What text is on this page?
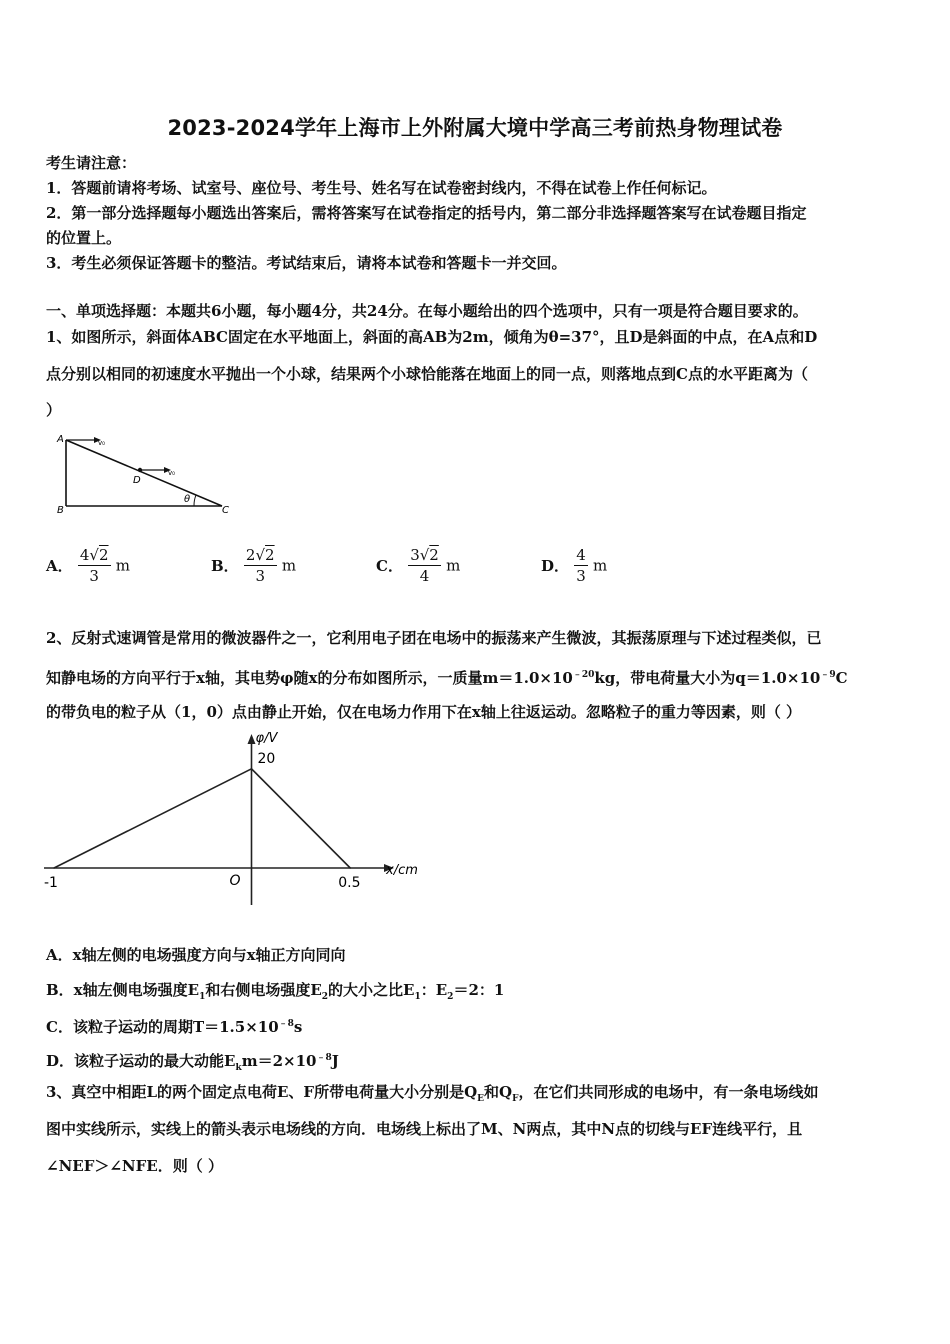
2023-2024学年上海市上外附属大境中学高三考前热身物理试卷
考生请注意：
1．答题前请将考场、试室号、座位号、考生号、姓名写在试卷密封线内，不得在试卷上作任何标记。
2．第一部分选择题每小题选出答案后，需将答案写在试卷指定的括号内，第二部分非选择题答案写在试卷题目指定
的位置上。
3．考生必须保证答题卡的整洁。考试结束后，请将本试卷和答题卡一并交回。
一、单项选择题：本题共6小题，每小题4分，共24分。在每小题给出的四个选项中，只有一项是符合题目要求的。
1、如图所示，斜面体ABC固定在水平地面上，斜面的高AB为2m，倾角为θ=37°，且D是斜面的中点，在A点和D
点分别以相同的初速度水平抛出一个小球，结果两个小球恰能落在地面上的同一点，则落地点到C点的水平距离为（
）
A
B	C
D
θ
v₀
v₀
A． $\frac{4√2}{3}$ m	B． $\frac{2√2}{3}$ m	C． $\frac{3√2}{4}$ m	D． $\frac{4}{3}$ m
2、反射式速调管是常用的微波器件之一，它利用电子团在电场中的振荡来产生微波，其振荡原理与下述过程类似，已
知静电场的方向平行于x轴，其电势φ随x的分布如图所示，一质量$m=1.0\times 10^{﹣20}kg$，带电荷量大小为$q=1.0\times 10^{﹣9}C$
的带负电的粒子从（1，0）点由静止开始，仅在电场力作用下在x轴上往返运动。忽略粒子的重力等因素，则（ ）
φ/V
x/cm
-1	O	0.5
20
A．x轴左侧的电场强度方向与x轴正方向同向
B．x轴左侧电场强度$E_1$和右侧电场强度$E_2$的大小之比$E_1$：$E_2=2$：1
C．该粒子运动的周期$T=1.5\times 10^{﹣8}s$
D．该粒子运动的最大动能$E_km=2\times 10^{﹣8}J$
3、真空中相距L的两个固定点电荷E、F所带电荷量大小分别是$Q_E$和$Q_F$，在它们共同形成的电场中，有一条电场线如
图中实线所示，实线上的箭头表示电场线的方向．电场线上标出了M、N两点，其中N点的切线与EF连线平行，且
∠NEF＞∠NFE．则（ ）
